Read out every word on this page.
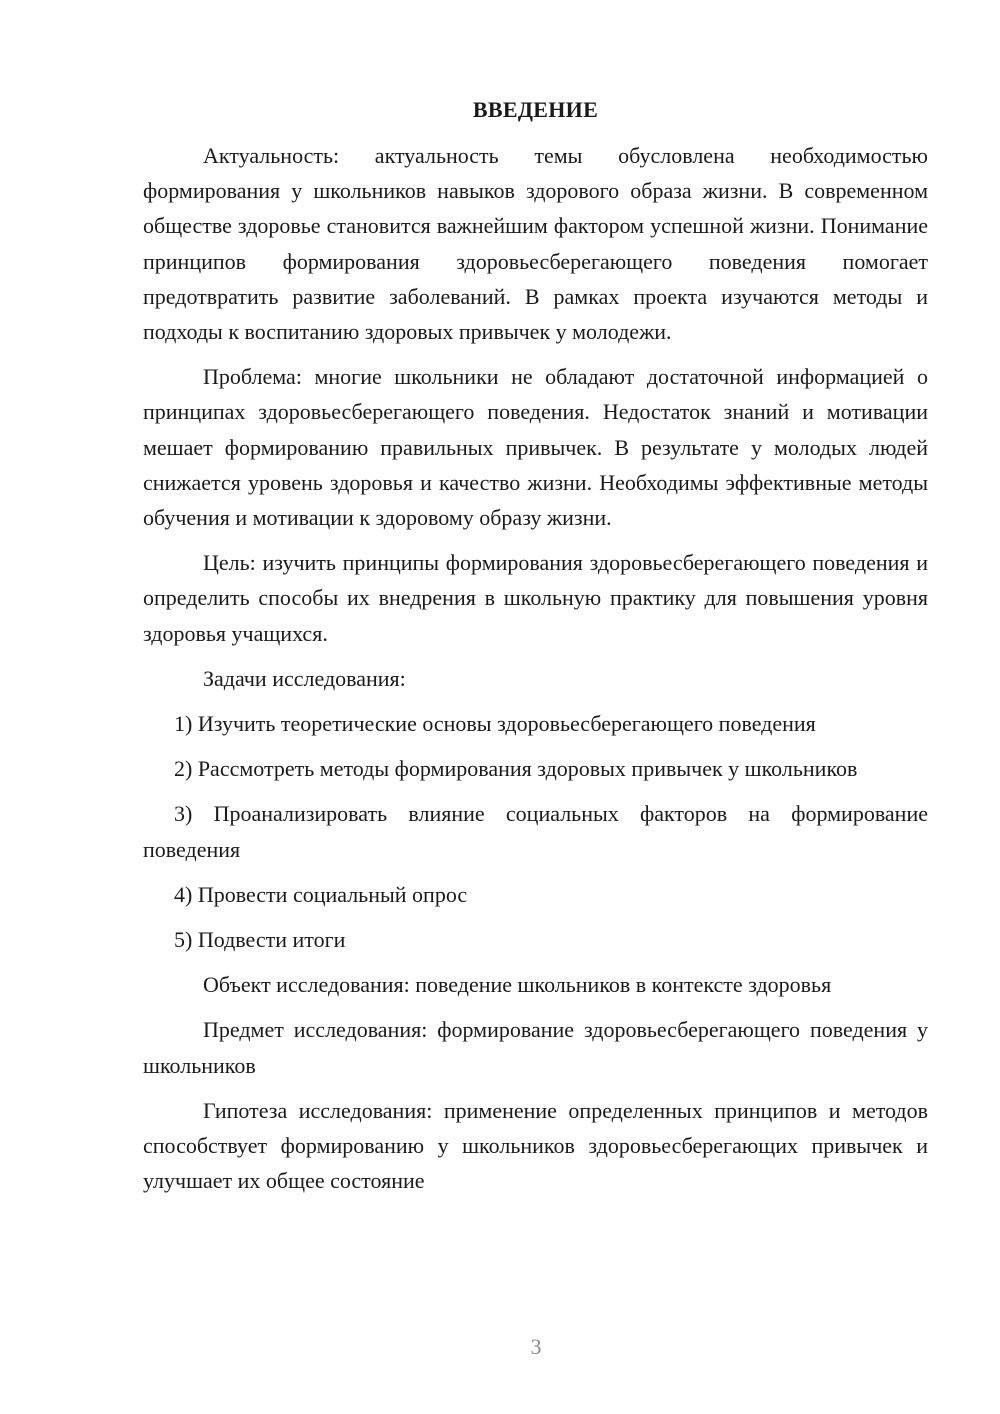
ВВЕДЕНИЕ

Актуальность: актуальность темы обусловлена необходимостью формирования у школьников навыков здорового образа жизни. В современном обществе здоровье становится важнейшим фактором успешной жизни. Понимание принципов формирования здоровьесберегающего поведения помогает предотвратить развитие заболеваний. В рамках проекта изучаются методы и подходы к воспитанию здоровых привычек у молодежи.

Проблема: многие школьники не обладают достаточной информацией о принципах здоровьесберегающего поведения. Недостаток знаний и мотивации мешает формированию правильных привычек. В результате у молодых людей снижается уровень здоровья и качество жизни. Необходимы эффективные методы обучения и мотивации к здоровому образу жизни.

Цель: изучить принципы формирования здоровьесберегающего поведения и определить способы их внедрения в школьную практику для повышения уровня здоровья учащихся.

Задачи исследования:

1) Изучить теоретические основы здоровьесберегающего поведения

2) Рассмотреть методы формирования здоровых привычек у школьников

3) Проанализировать влияние социальных факторов на формирование поведения

4) Провести социальный опрос

5) Подвести итоги

Объект исследования: поведение школьников в контексте здоровья

Предмет исследования: формирование здоровьесберегающего поведения у школьников

Гипотеза исследования: применение определенных принципов и методов способствует формированию у школьников здоровьесберегающих привычек и улучшает их общее состояние

3
